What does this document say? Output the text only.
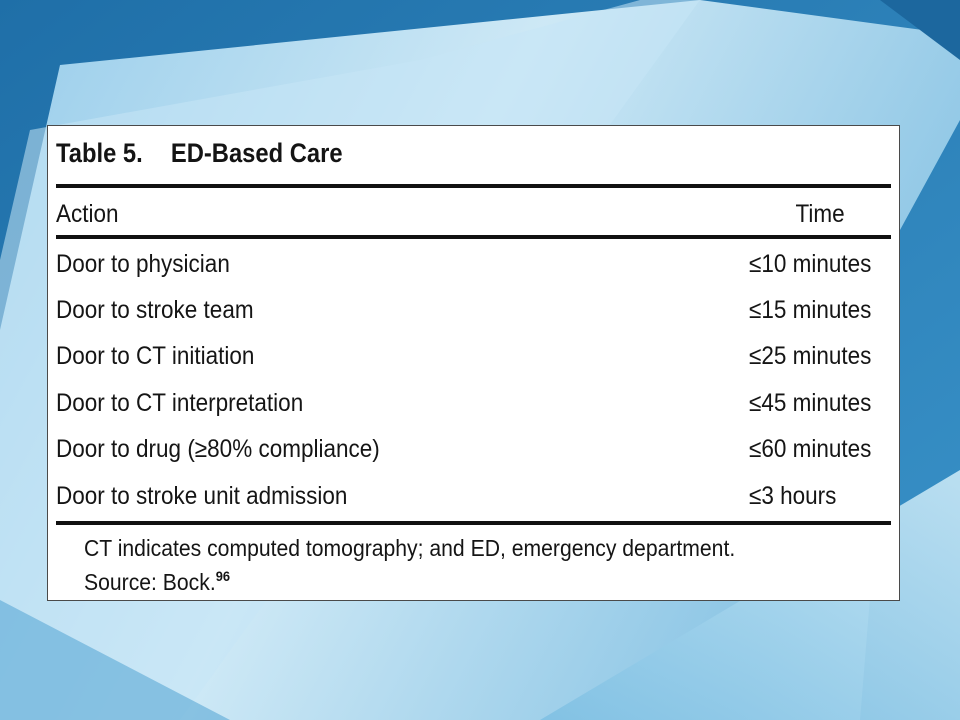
Table 5. ED-Based Care
Action	Time
Door to physician	≤10 minutes
Door to stroke team	≤15 minutes
Door to CT initiation	≤25 minutes
Door to CT interpretation	≤45 minutes
Door to drug (≥80% compliance)	≤60 minutes
Door to stroke unit admission	≤3 hours
CT indicates computed tomography; and ED, emergency department.
Source: Bock.$^{96}$
